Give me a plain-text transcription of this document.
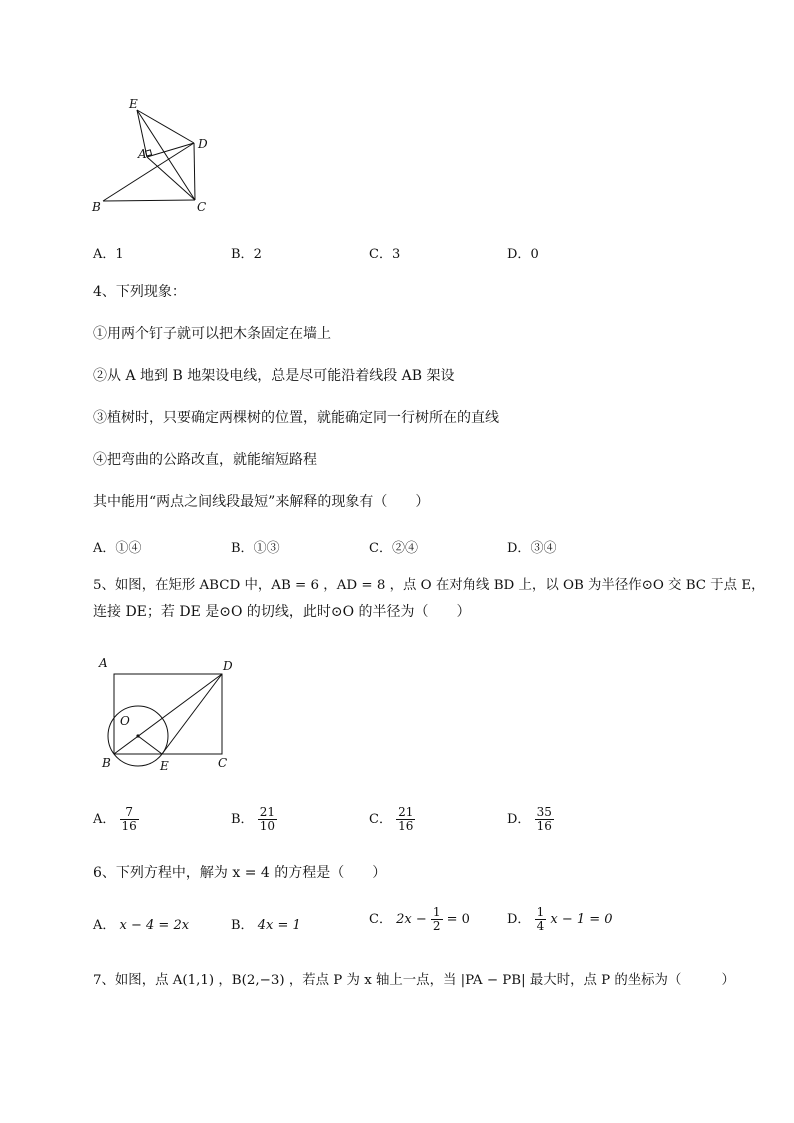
E
A
D
B	C
A．1	B．2	C．3	D．0
4、下列现象：
①用两个钉子就可以把木条固定在墙上
②从 A 地到 B 地架设电线，总是尽可能沿着线段 AB 架设
③植树时，只要确定两棵树的位置，就能确定同一行树所在的直线
④把弯曲的公路改直，就能缩短路程
其中能用“两点之间线段最短”来解释的现象有（　　）
A．①④	B．①③	C．②④	D．③④
5、如图，在矩形 ABCD 中，AB = 6 ，AD = 8 ，点 O 在对角线 BD 上，以 OB 为半径作⊙O 交 BC 于点 E，
连接 DE；若 DE 是⊙O 的切线，此时⊙O 的半径为（　　）
A	D
O
B	E	C
A． $\frac{7}{16}$	B． $\frac{21}{10}$	C． $\frac{21}{16}$	D． $\frac{35}{16}$
6、下列方程中，解为 x = 4 的方程是（　　）
A． x − 4 = 2x	B． 4x = 1	C． $2x - \frac{1}{2} = 0$	D． $\frac{1}{4}$ x − 1 = 0
7、如图，点 A(1,1) ，B(2,−3) ，若点 P 为 x 轴上一点，当 |PA − PB| 最大时，点 P 的坐标为（　　　）
